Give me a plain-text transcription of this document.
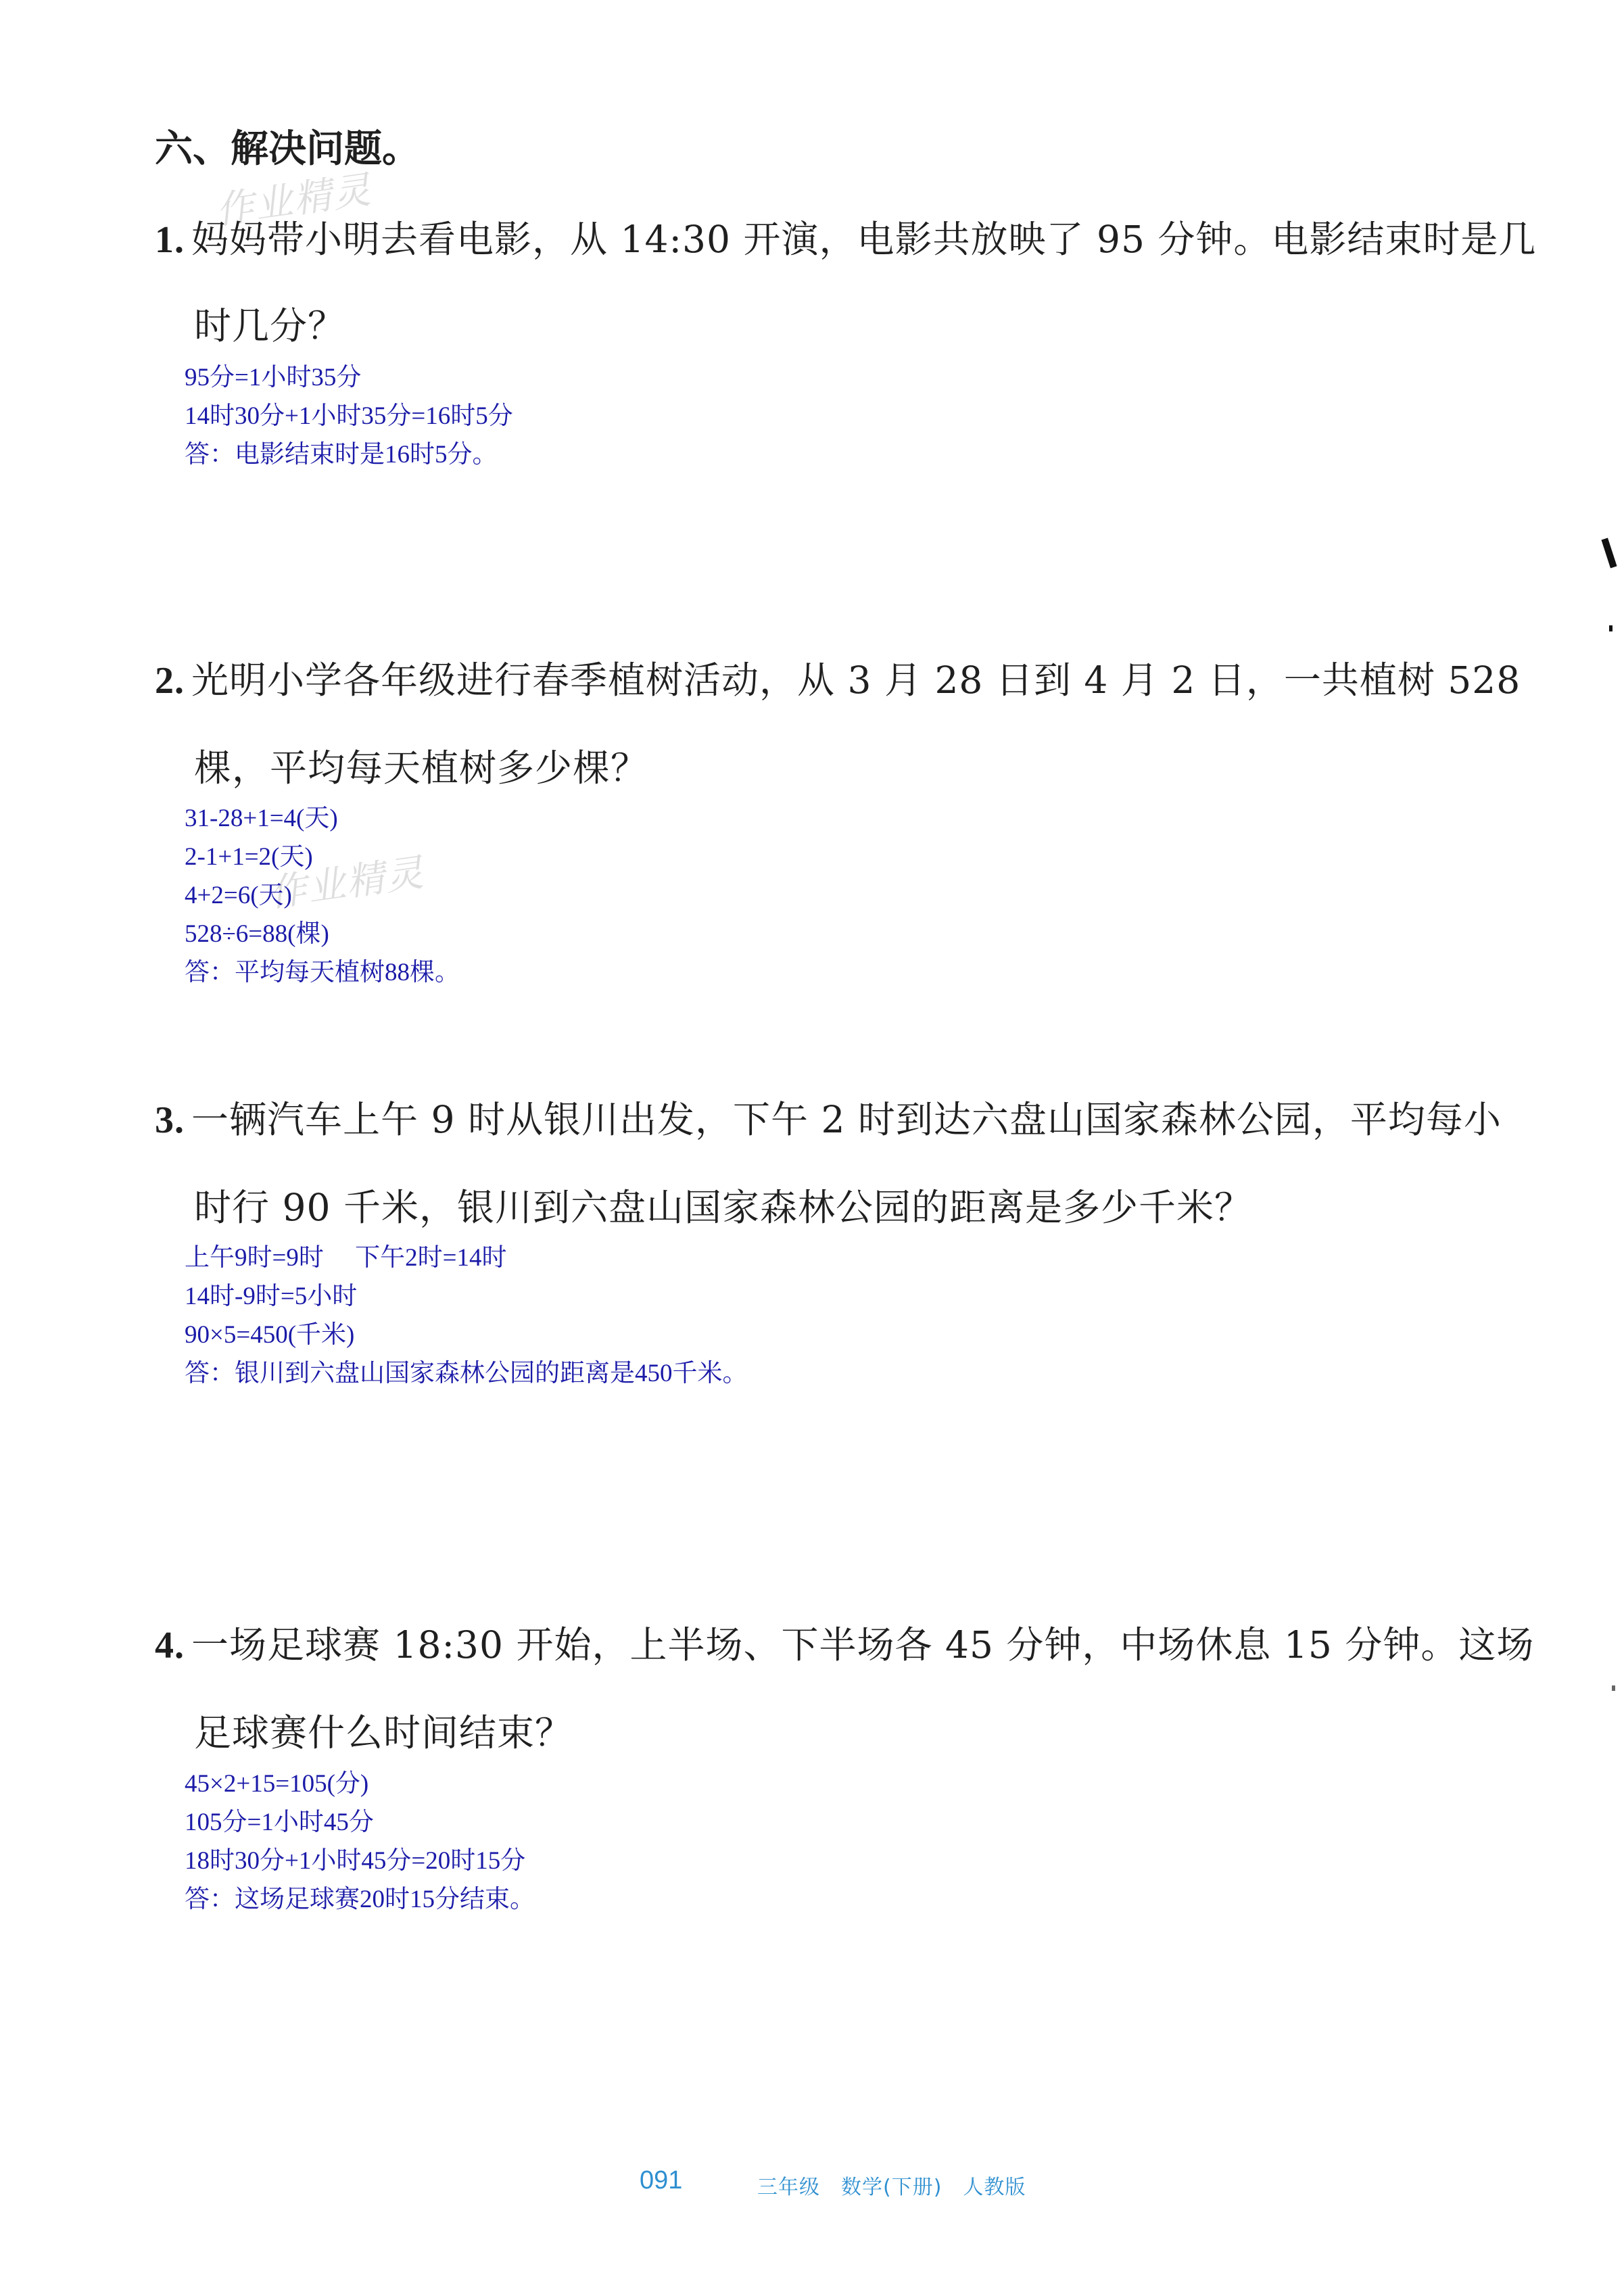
六、解决问题。
作业精灵
作业精灵
1. 妈妈带小明去看电影，从 14:30 开演，电影共放映了 95 分钟。电影结束时是几
时几分？
95分=1小时35分
14时30分+1小时35分=16时5分
答：电影结束时是16时5分。
2. 光明小学各年级进行春季植树活动，从 3 月 28 日到 4 月 2 日，一共植树 528
棵，平均每天植树多少棵？
31-28+1=4(天)
2-1+1=2(天)
4+2=6(天)
528÷6=88(棵)
答：平均每天植树88棵。
3. 一辆汽车上午 9 时从银川出发，下午 2 时到达六盘山国家森林公园，平均每小
时行 90 千米，银川到六盘山国家森林公园的距离是多少千米？
上午9时=9时     下午2时=14时
14时-9时=5小时
90×5=450(千米)
答：银川到六盘山国家森林公园的距离是450千米。
4. 一场足球赛 18:30 开始，上半场、下半场各 45 分钟，中场休息 15 分钟。这场
足球赛什么时间结束？
45×2+15=105(分)
105分=1小时45分
18时30分+1小时45分=20时15分
答：这场足球赛20时15分结束。
091	三年级　数学(下册)　人教版
